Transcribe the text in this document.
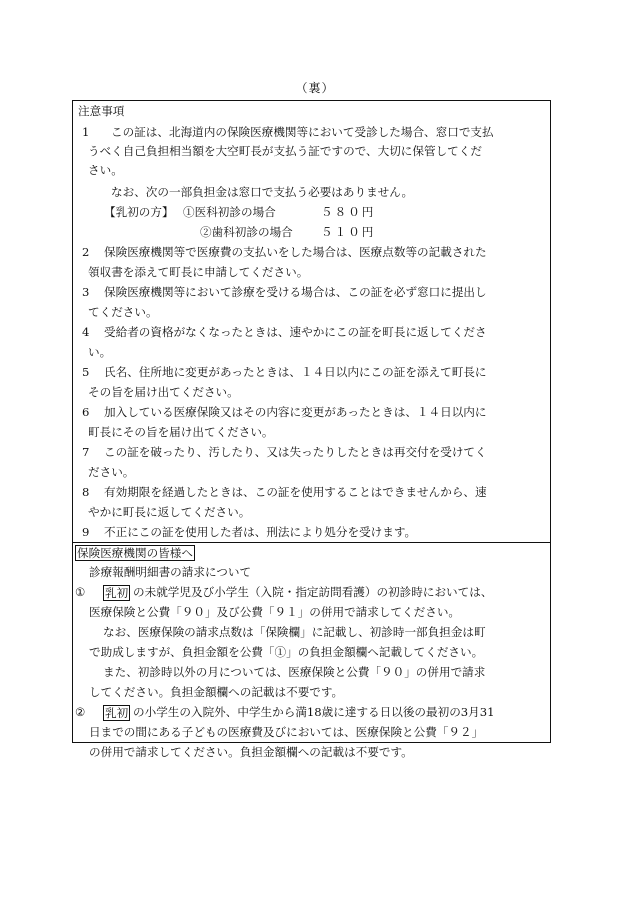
（裏）
注意事項
1 この証は、北海道内の保険医療機関等において受診した場合、窓口で支払
うべく自己負担相当額を大空町長が支払う証ですので、大切に保管してくだ
さい。
なお、次の一部負担金は窓口で支払う必要はありません。
【乳初の方】 ①医科初診の場合	５８０円
②歯科初診の場合 ５１０円
2 保険医療機関等で医療費の支払いをした場合は、医療点数等の記載された
領収書を添えて町長に申請してください。
3 保険医療機関等において診療を受ける場合は、この証を必ず窓口に提出し
てください。
4 受給者の資格がなくなったときは、速やかにこの証を町長に返してくださ
い。
5 氏名、住所地に変更があったときは、１４日以内にこの証を添えて町長に
その旨を届け出てください。
6 加入している医療保険又はその内容に変更があったときは、１４日以内に
町長にその旨を届け出てください。
7 この証を破ったり、汚したり、又は失ったりしたときは再交付を受けてく
ださい。
8 有効期限を経過したときは、この証を使用することはできませんから、速
やかに町長に返してください。
9 不正にこの証を使用した者は、刑法により処分を受けます。
保険医療機関の皆様へ
診療報酬明細書の請求について
① 乳初 の未就学児及び小学生（入院・指定訪問看護）の初診時においては、
医療保険と公費「９０」及び公費「９１」の併用で請求してください。
なお、医療保険の請求点数は「保険欄」に記載し、初診時一部負担金は町
で助成しますが、負担金額を公費「①」の負担金額欄へ記載してください。
また、初診時以外の月については、医療保険と公費「９０」の併用で請求
してください。負担金額欄への記載は不要です。
② 乳初 の小学生の入院外、中学生から満18歳に達する日以後の最初の3月31
日までの間にある子どもの医療費及びにおいては、医療保険と公費「９２」
の併用で請求してください。負担金額欄への記載は不要です。
